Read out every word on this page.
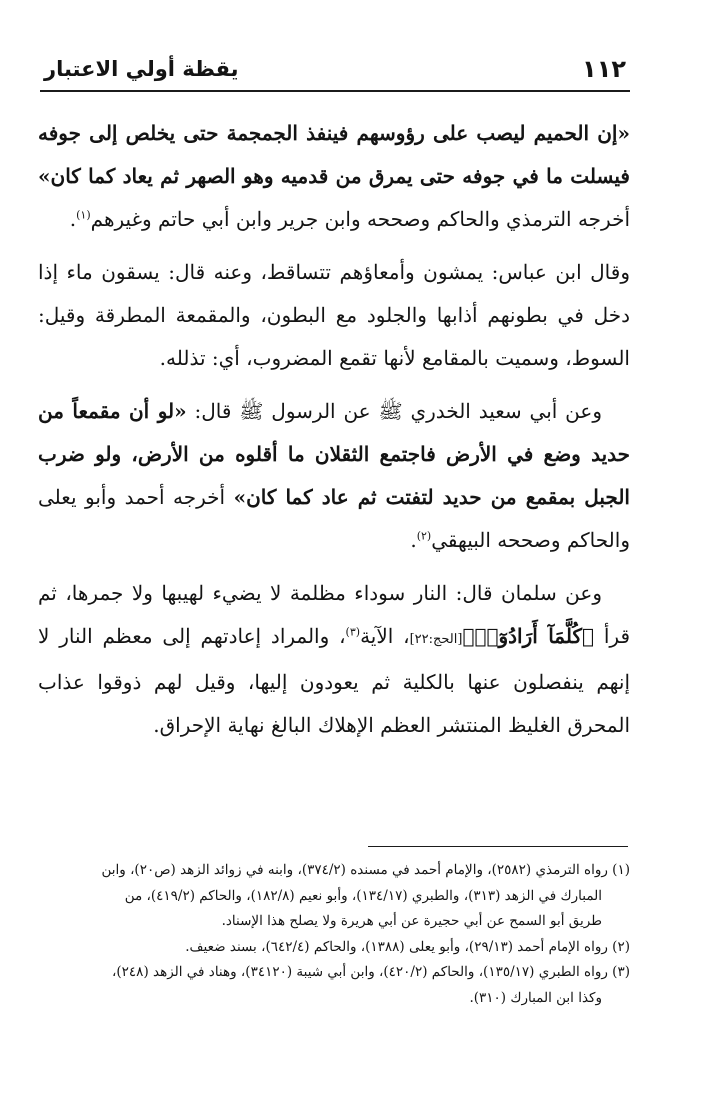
١١٢
يقظة أولي الاعتبار

«إن الحميم ليصب على رؤوسهم فينفذ الجمجمة حتى يخلص إلى جوفه فيسلت ما في جوفه حتى يمرق من قدميه وهو الصهر ثم يعاد كما كان» أخرجه الترمذي والحاكم وصححه وابن جرير وابن أبي حاتم وغيرهم$^{(١)}$.

وقال ابن عباس: يمشون وأمعاؤهم تتساقط، وعنه قال: يسقون ماء إذا دخل في بطونهم أذابها والجلود مع البطون، والمقمعة المطرقة وقيل: السوط، وسميت بالمقامع لأنها تقمع المضروب، أي: تذلله.

وعن أبي سعيد الخدري ﷺ عن الرسول ﷺ قال: «لو أن مقمعاً من حديد وضع في الأرض فاجتمع الثقلان ما أقلوه من الأرض، ولو ضرب الجبل بمقمع من حديد لتفتت ثم عاد كما كان» أخرجه أحمد وأبو يعلى والحاكم وصححه البيهقي$^{(٢)}$.

وعن سلمان قال: النار سوداء مظلمة لا يضيء لهيبها ولا جمرها، ثم قرأ ﴿كُلَّمَآ أَرَادُوٓا۟﴾[الحج:٢٢]، الآية$^{(٣)}$، والمراد إعادتهم إلى معظم النار لا إنهم ينفصلون عنها بالكلية ثم يعودون إليها، وقيل لهم ذوقوا عذاب المحرق الغليظ المنتشر العظم الإهلاك البالغ نهاية الإحراق.

(١) رواه الترمذي (٢٥٨٢)، والإمام أحمد في مسنده (٣٧٤/٢)، وابنه في زوائد الزهد (ص٢٠)، وابن

المبارك في الزهد (٣١٣)، والطبري (١٣٤/١٧)، وأبو نعيم (١٨٢/٨)، والحاكم (٤١٩/٢)، من

طريق أبو السمح عن أبي حجيرة عن أبي هريرة ولا يصلح هذا الإسناد.

(٢) رواه الإمام أحمد (٢٩/١٣)، وأبو يعلى (١٣٨٨)، والحاكم (٦٤٢/٤)، بسند ضعيف.

(٣) رواه الطبري (١٣٥/١٧)، والحاكم (٤٢٠/٢)، وابن أبي شيبة (٣٤١٢٠)، وهناد في الزهد (٢٤٨)،

وكذا ابن المبارك (٣١٠).
